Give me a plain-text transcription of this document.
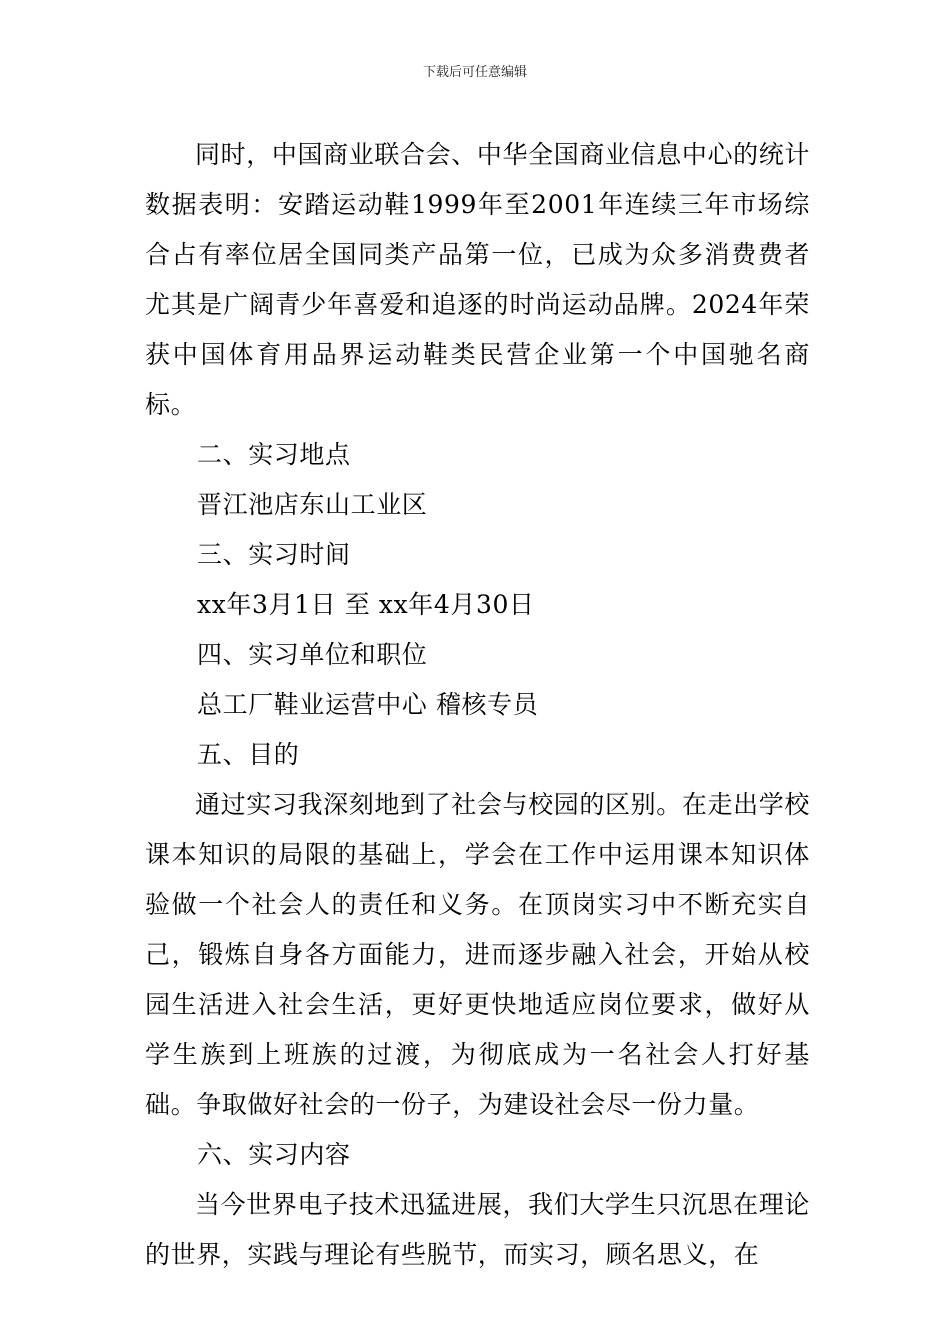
下载后可任意编辑

同时，中国商业联合会、中华全国商业信息中心的统计数据表明：安踏运动鞋1999年至2001年连续三年市场综合占有率位居全国同类产品第一位，已成为众多消费费者尤其是广阔青少年喜爱和追逐的时尚运动品牌。2024年荣获中国体育用品界运动鞋类民营企业第一个中国驰名商标。

二、实习地点

晋江池店东山工业区

三、实习时间

xx年3月1日 至 xx年4月30日

四、实习单位和职位

总工厂鞋业运营中心 稽核专员

五、目的

通过实习我深刻地到了社会与校园的区别。在走出学校课本知识的局限的基础上，学会在工作中运用课本知识体验做一个社会人的责任和义务。在顶岗实习中不断充实自己，锻炼自身各方面能力，进而逐步融入社会，开始从校园生活进入社会生活，更好更快地适应岗位要求，做好从学生族到上班族的过渡，为彻底成为一名社会人打好基础。争取做好社会的一份子，为建设社会尽一份力量。

六、实习内容

当今世界电子技术迅猛进展，我们大学生只沉思在理论的世界，实践与理论有些脱节，而实习，顾名思义，在
